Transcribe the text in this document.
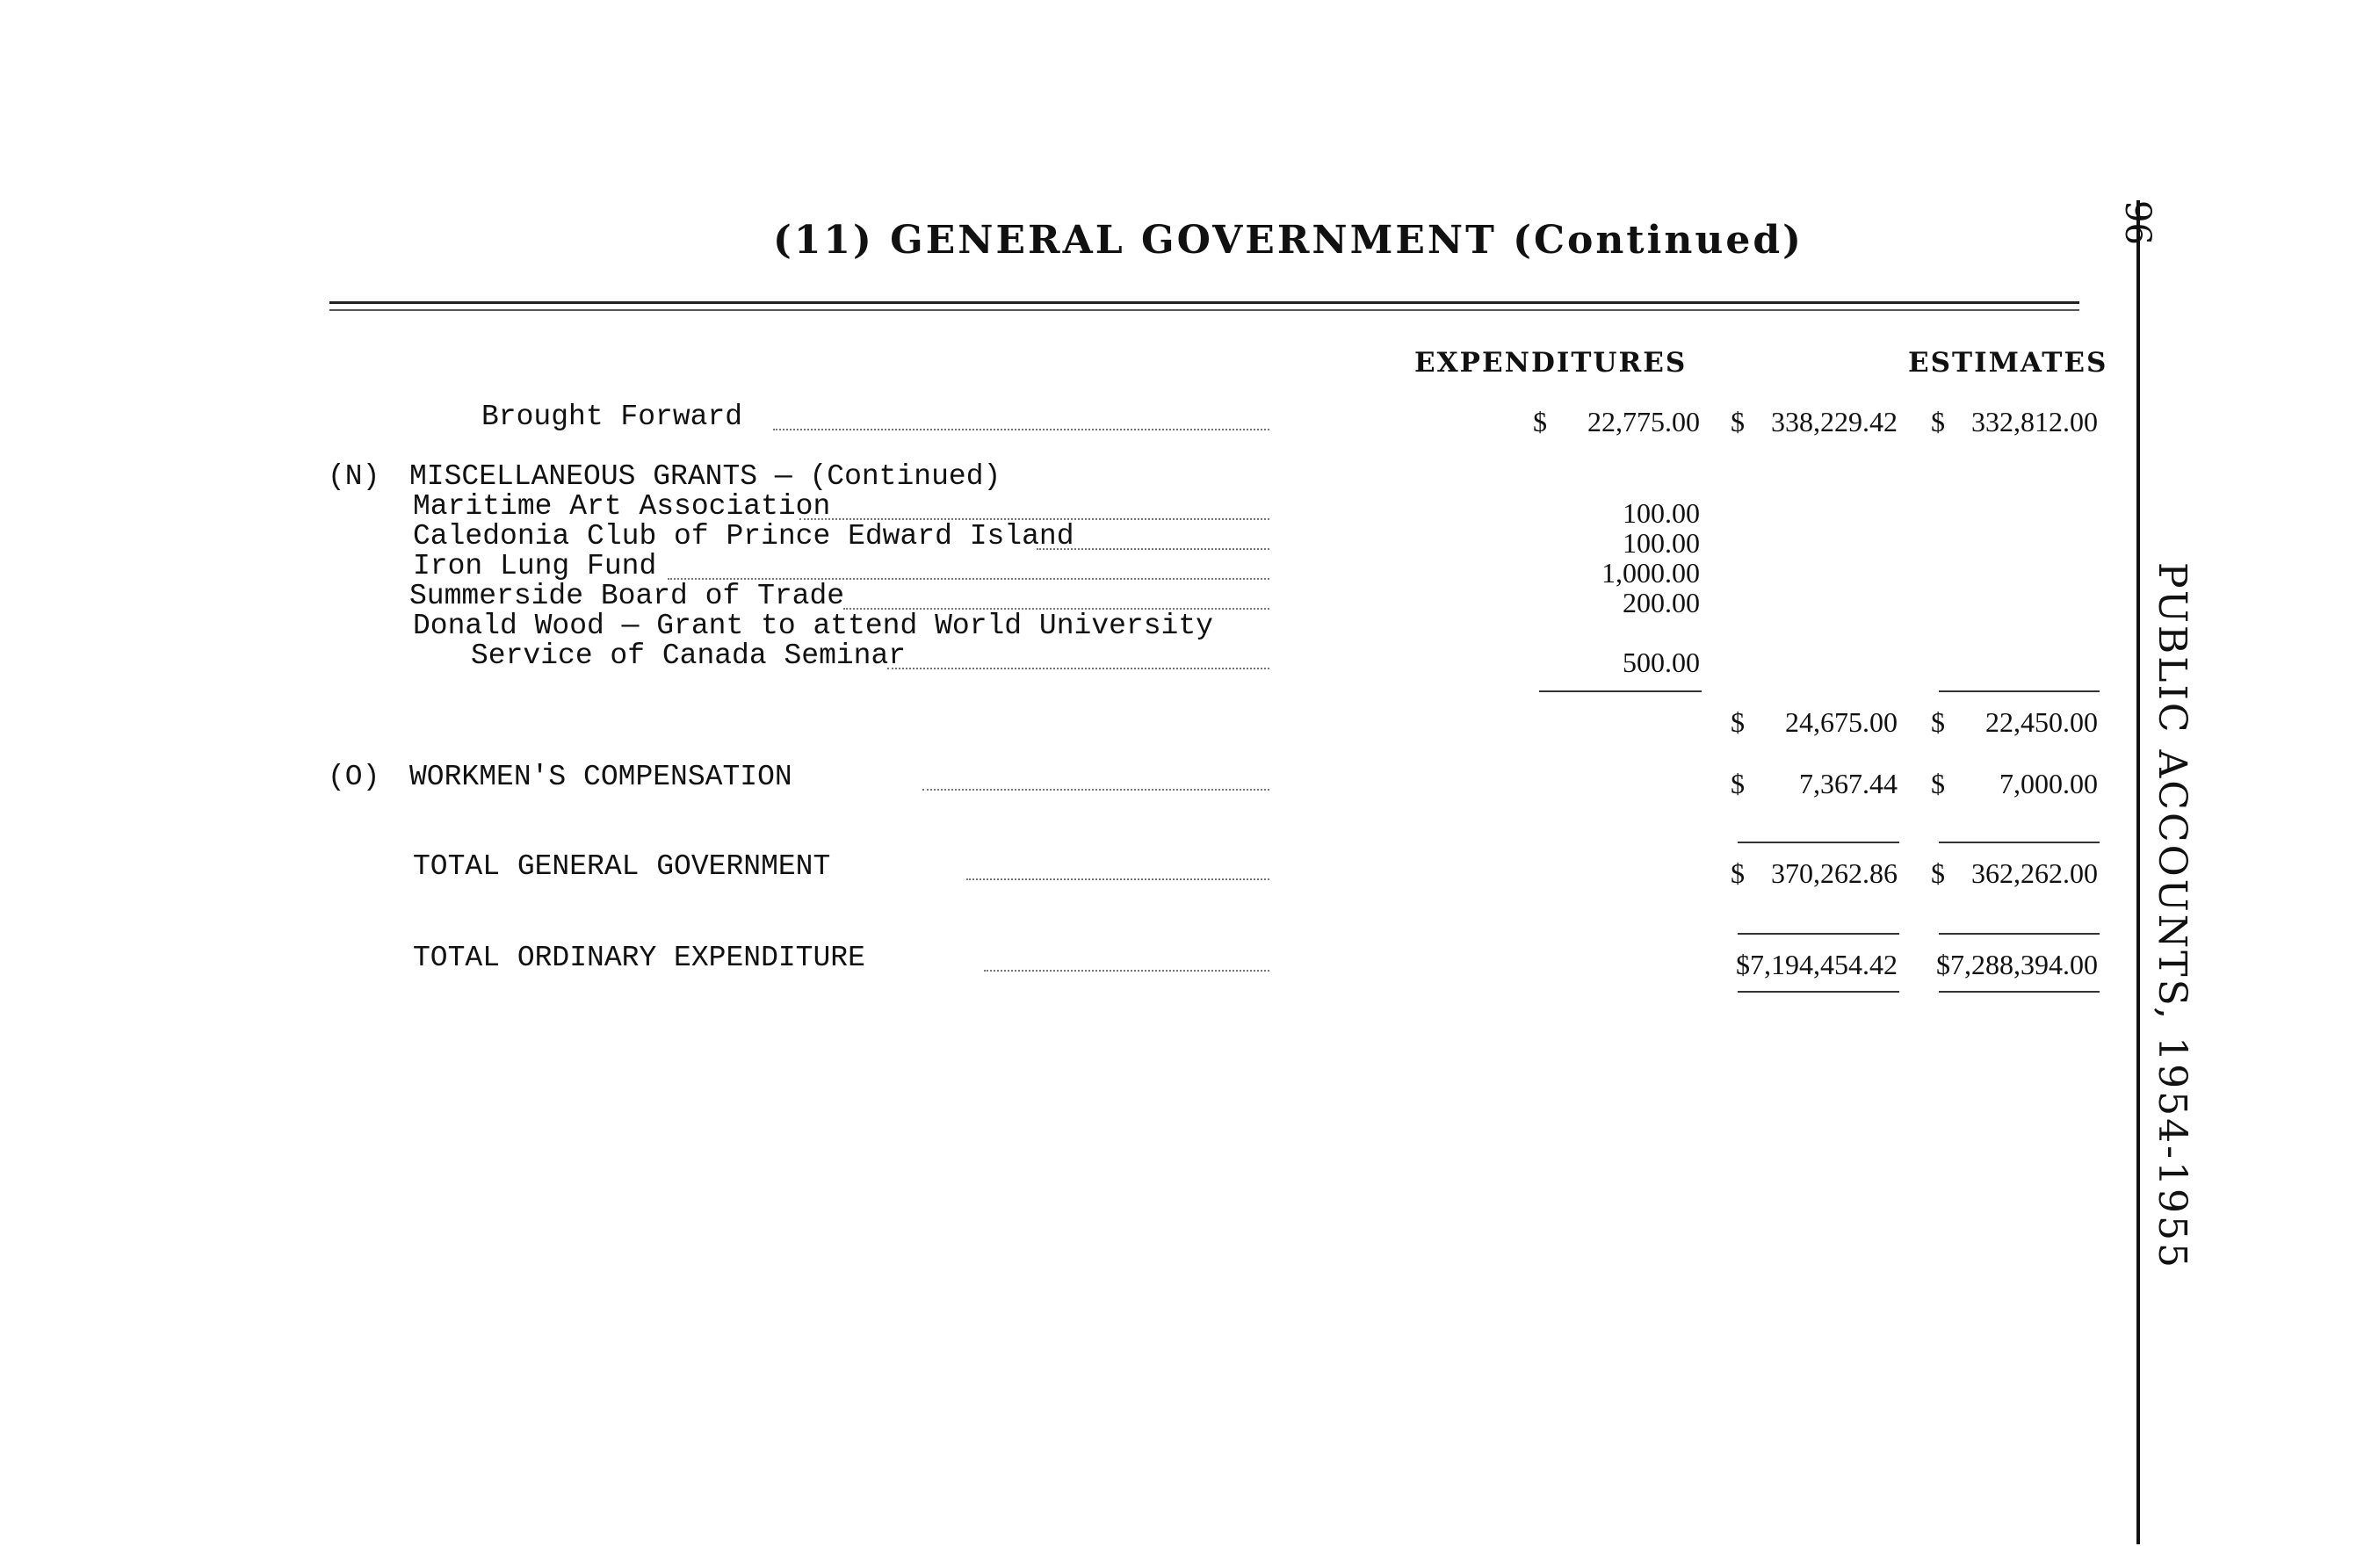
(11) GENERAL GOVERNMENT (Continued)
EXPENDITURES	ESTIMATES
Brought Forward	$	22,775.00 $ 338,229.42 $ 332,812.00
(N) MISCELLANEOUS GRANTS — (Continued)
Maritime Art Association	100.00
Caledonia Club of Prince Edward Island	100.00
Iron Lung Fund	1,000.00
Summerside Board of Trade	200.00
Donald Wood — Grant to attend World University
Service of Canada Seminar	500.00
$	24,675.00 $	22,450.00
(O) WORKMEN'S COMPENSATION	$	7,367.44 $	7,000.00
TOTAL GENERAL GOVERNMENT	$ 370,262.86 $ 362,262.00
TOTAL ORDINARY EXPENDITURE	$7,194,454.42	$7,288,394.00
96
PUBLIC ACCOUNTS, 1954-1955
